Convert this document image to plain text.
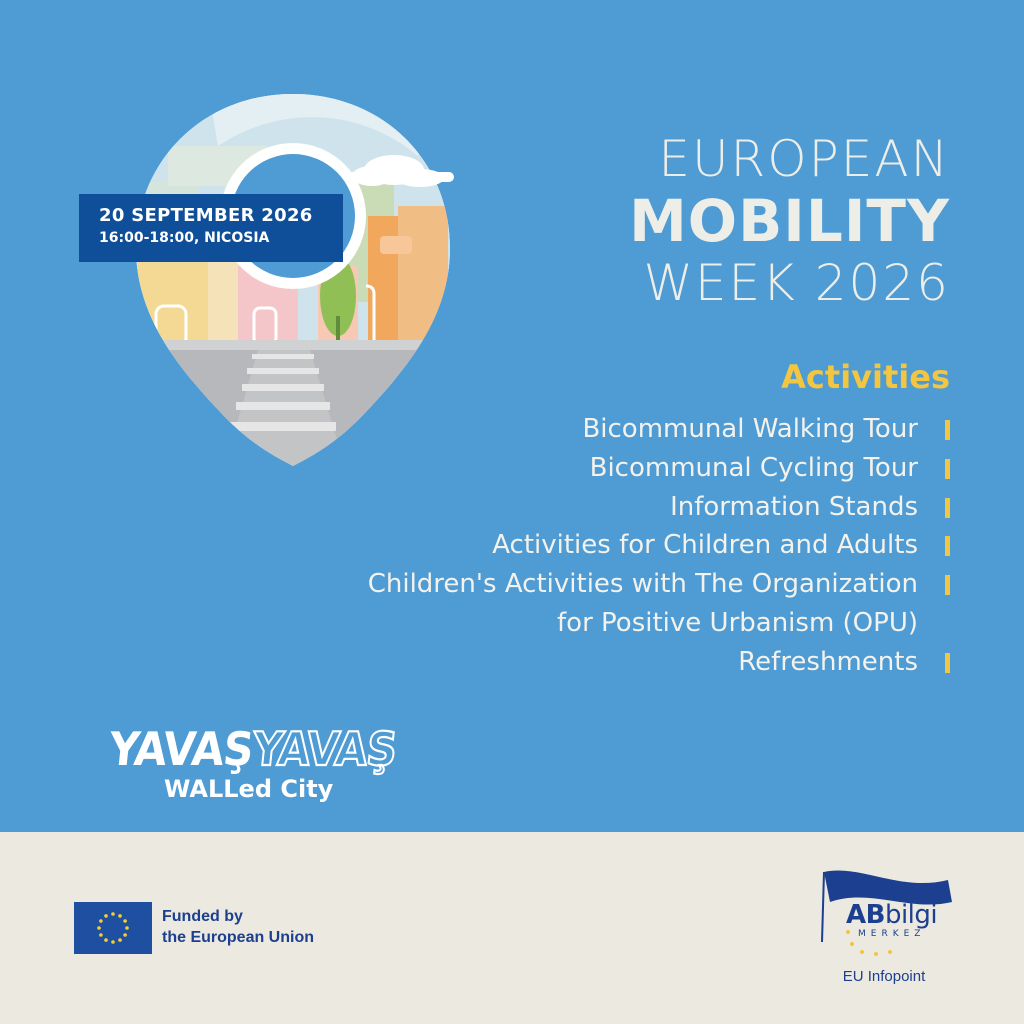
20 SEPTEMBER 2026
16:00-18:00, NICOSIA
EUROPEAN
MOBILITY
WEEK 2026
Activities
Bicommunal Walking Tour
Bicommunal Cycling Tour
Information Stands
Activities for Children and Adults
Children's Activities with The Organization
for Positive Urbanism (OPU)
Refreshments
YAVAŞYAVAŞ
WALLed City
Funded by
the European Union
ABbilgi
MERKEZ
EU Infopoint
